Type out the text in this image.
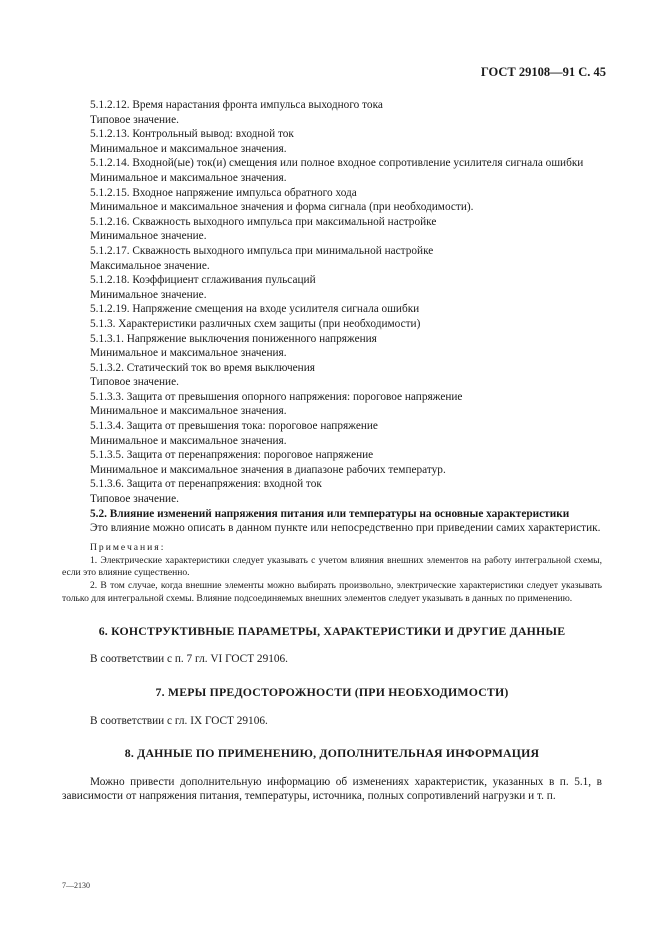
ГОСТ 29108—91 С. 45

5.1.2.12. Время нарастания фронта импульса выходного тока

Типовое значение.

5.1.2.13. Контрольный вывод: входной ток

Минимальное и максимальное значения.

5.1.2.14. Входной(ые) ток(и) смещения или полное входное сопротивление усилителя сигнала ошибки

Минимальное и максимальное значения.

5.1.2.15. Входное напряжение импульса обратного хода

Минимальное и максимальное значения и форма сигнала (при необходимости).

5.1.2.16. Скважность выходного импульса при максимальной настройке

Минимальное значение.

5.1.2.17. Скважность выходного импульса при минимальной настройке

Максимальное значение.

5.1.2.18. Коэффициент сглаживания пульсаций

Минимальное значение.

5.1.2.19. Напряжение смещения на входе усилителя сигнала ошибки

5.1.3. Характеристики различных схем защиты (при необходимости)

5.1.3.1. Напряжение выключения пониженного напряжения

Минимальное и максимальное значения.

5.1.3.2. Статический ток во время выключения

Типовое значение.

5.1.3.3. Защита от превышения опорного напряжения: пороговое напряжение

Минимальное и максимальное значения.

5.1.3.4. Защита от превышения тока: пороговое напряжение

Минимальное и максимальное значения.

5.1.3.5. Защита от перенапряжения: пороговое напряжение

Минимальное и максимальное значения в диапазоне рабочих температур.

5.1.3.6. Защита от перенапряжения: входной ток

Типовое значение.

5.2. Влияние изменений напряжения питания или температуры на основные характеристики

Это влияние можно описать в данном пункте или непосредственно при приведении самих характеристик.

Примечания:

1. Электрические характеристики следует указывать с учетом влияния внешних элементов на работу интегральной схемы, если это влияние существенно.

2. В том случае, когда внешние элементы можно выбирать произвольно, электрические характеристики следует указывать только для интегральной схемы. Влияние подсоединяемых внешних элементов следует указывать в данных по применению.

6. КОНСТРУКТИВНЫЕ ПАРАМЕТРЫ, ХАРАКТЕРИСТИКИ И ДРУГИЕ ДАННЫЕ

В соответствии с п. 7 гл. VI ГОСТ 29106.

7. МЕРЫ ПРЕДОСТОРОЖНОСТИ (ПРИ НЕОБХОДИМОСТИ)

В соответствии с гл. IX ГОСТ 29106.

8. ДАННЫЕ ПО ПРИМЕНЕНИЮ, ДОПОЛНИТЕЛЬНАЯ ИНФОРМАЦИЯ

Можно привести дополнительную информацию об изменениях характеристик, указанных в п. 5.1, в зависимости от напряжения питания, температуры, источника, полных сопротивлений нагрузки и т. п.

7—2130
